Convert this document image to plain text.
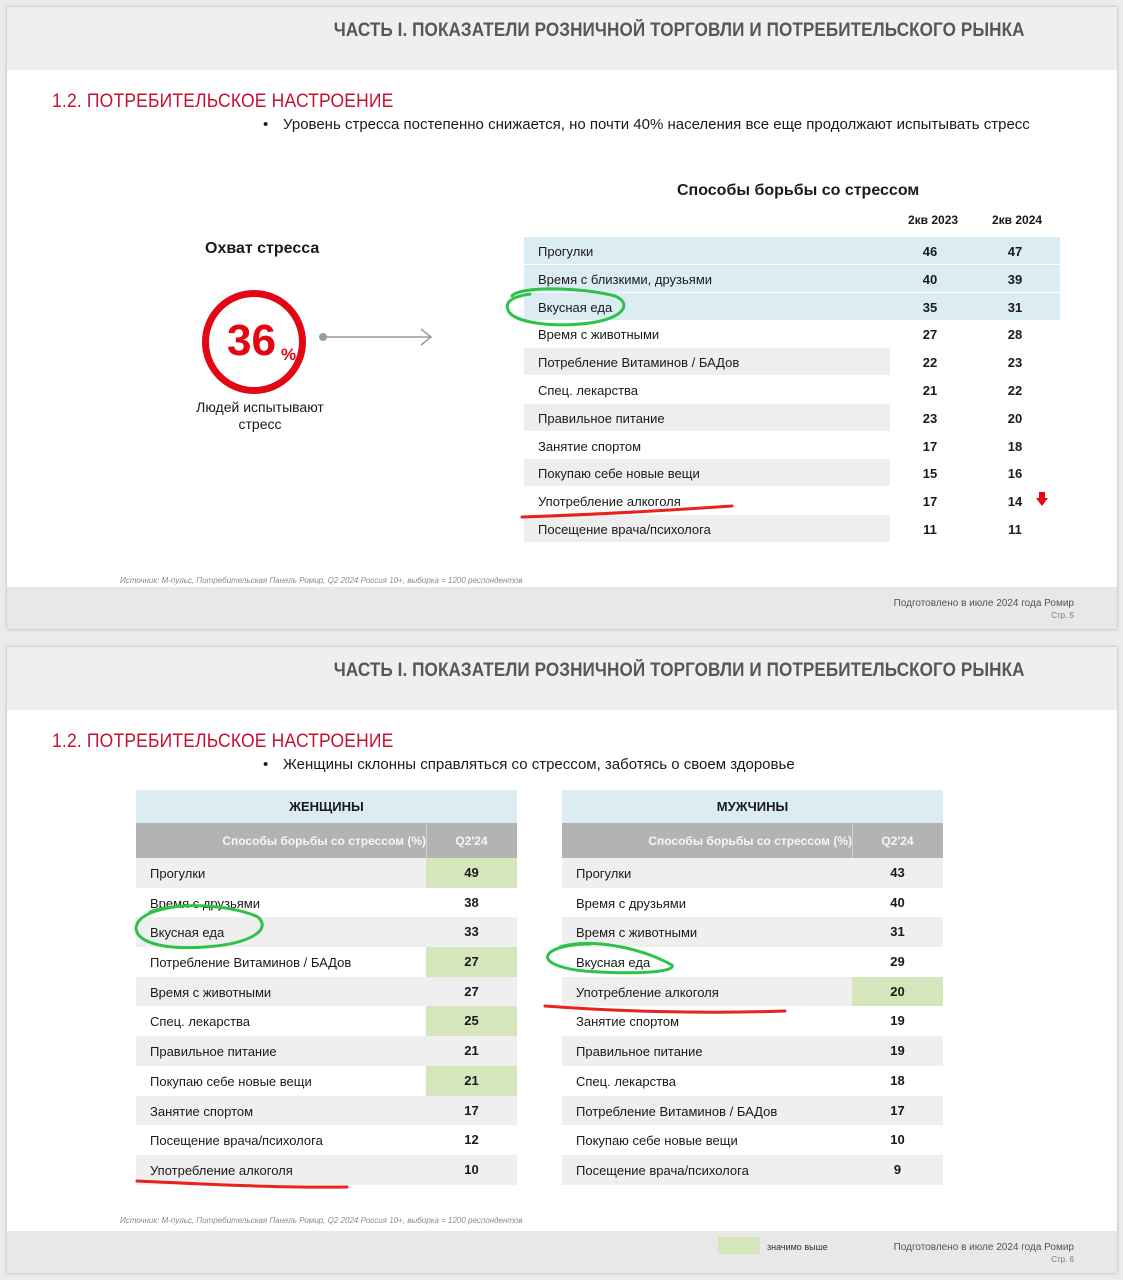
ЧАСТЬ I. ПОКАЗАТЕЛИ РОЗНИЧНОЙ ТОРГОВЛИ И ПОТРЕБИТЕЛЬСКОГО РЫНКА
1.2. ПОТРЕБИТЕЛЬСКОЕ НАСТРОЕНИЕ
• Уровень стресса постепенно снижается, но почти 40% населения все еще продолжают испытывать стресс
Охват стресса
36 %
Людей испытывают
стресс
Способы борьбы со стрессом
2кв 2023	2кв 2024
Прогулки	46	47
Время с близкими, друзьями	40	39
Вкусная еда	35	31
Время с животными	27	28
Потребление Витаминов / БАДов	22	23
Спец. лекарства	21	22
Правильное питание	23	20
Занятие спортом	17	18
Покупаю себе новые вещи	15	16
Употребление алкоголя	17	14
Посещение врача/психолога	11	11
Источник: М-пульс, Потребительская Панель Ромир, Q2 2024 Россия 10+, выборка = 1200 респондентов
Подготовлено в июле 2024 года Ромир
Стр. 5
ЧАСТЬ I. ПОКАЗАТЕЛИ РОЗНИЧНОЙ ТОРГОВЛИ И ПОТРЕБИТЕЛЬСКОГО РЫНКА
1.2. ПОТРЕБИТЕЛЬСКОЕ НАСТРОЕНИЕ
• Женщины склонны справляться со стрессом, заботясь о своем здоровье
ЖЕНЩИНЫ
Способы борьбы со стрессом (%)	Q2'24
Прогулки	49
Время с друзьями	38
Вкусная еда	33
Потребление Витаминов / БАДов	27
Время с животными	27
Спец. лекарства	25
Правильное питание	21
Покупаю себе новые вещи	21
Занятие спортом	17
Посещение врача/психолога	12
Употребление алкоголя	10
МУЖЧИНЫ
Способы борьбы со стрессом (%)	Q2'24
Прогулки	43
Время с друзьями	40
Время с животными	31
Вкусная еда	29
Употребление алкоголя	20
Занятие спортом	19
Правильное питание	19
Спец. лекарства	18
Потребление Витаминов / БАДов	17
Покупаю себе новые вещи	10
Посещение врача/психолога	9
Источник: М-пульс, Потребительская Панель Ромир, Q2 2024 Россия 10+, выборка = 1200 респондентов
значимо выше	Подготовлено в июле 2024 года Ромир
Стр. 6
